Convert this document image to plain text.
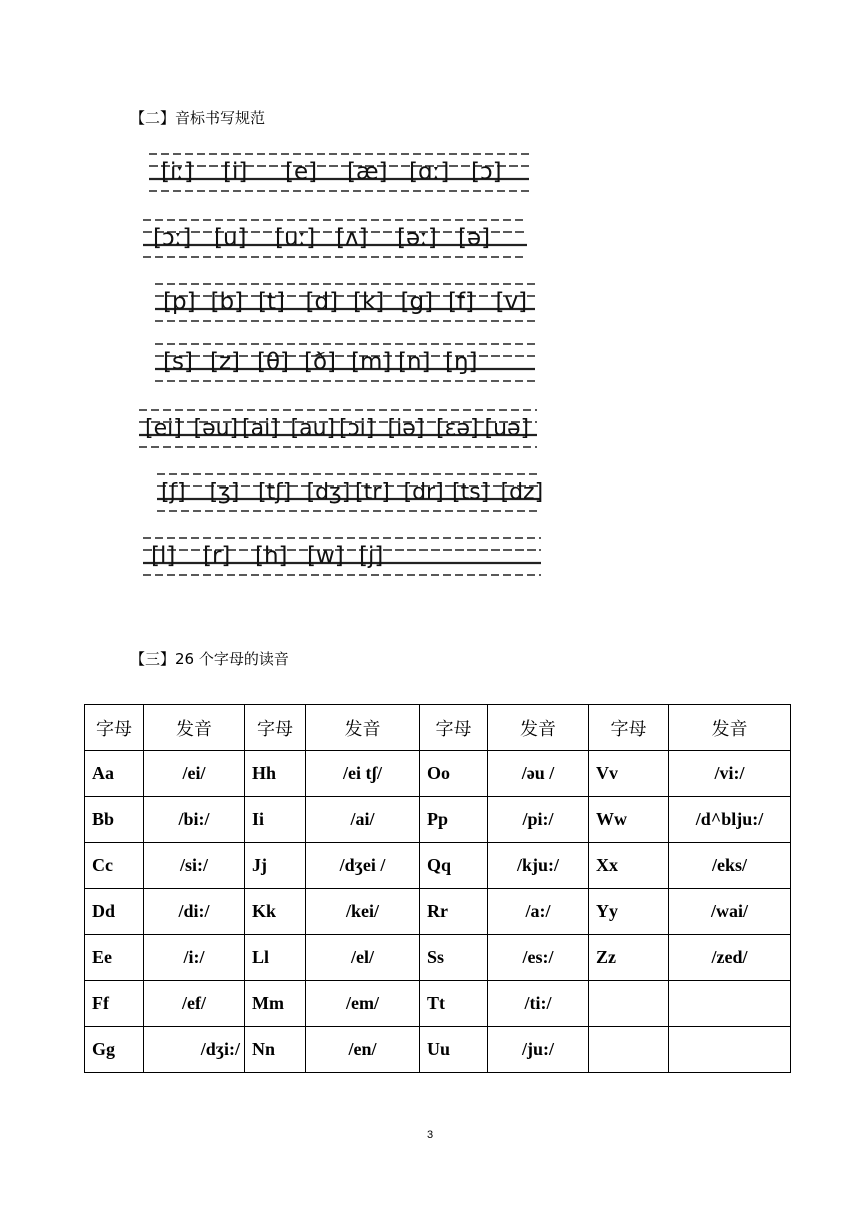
【二】音标书写规范
[iː] [i] [e] [æ] [ɑː] [ɔ]
[ɔː] [u] [uː] [ʌ] [əː] [ə]
[p] [b] [t] [d] [k] [g] [f] [v]
[s] [z] [θ] [ð] [m] [n] [ŋ]
[ei] [əu] [ai] [au] [ɔi] [iə] [εə] [uə]
[ʃ] [ʒ] [tʃ] [dʒ] [tr] [dr] [ts] [dz]
[l] [r] [h] [w] [j]
【三】26 个字母的读音
字母	发音	字母	发音	字母	发音	字母	发音
Aa	/ei/	Hh	/ei tʃ/	Oo	/əu /	Vv	/vi:/
Bb	/bi:/	Ii	/ai/	Pp	/pi:/	Ww	/d^blju:/
Cc	/si:/	Jj	/dʒei /	Qq	/kju:/	Xx	/eks/
Dd	/di:/	Kk	/kei/	Rr	/a:/	Yy	/wai/
Ee	/i:/	Ll	/el/	Ss	/es:/	Zz	/zed/
Ff	/ef/	Mm	/em/	Tt	/ti:/		
Gg	/dʒi:/	Nn	/en/	Uu	/ju:/		
3
